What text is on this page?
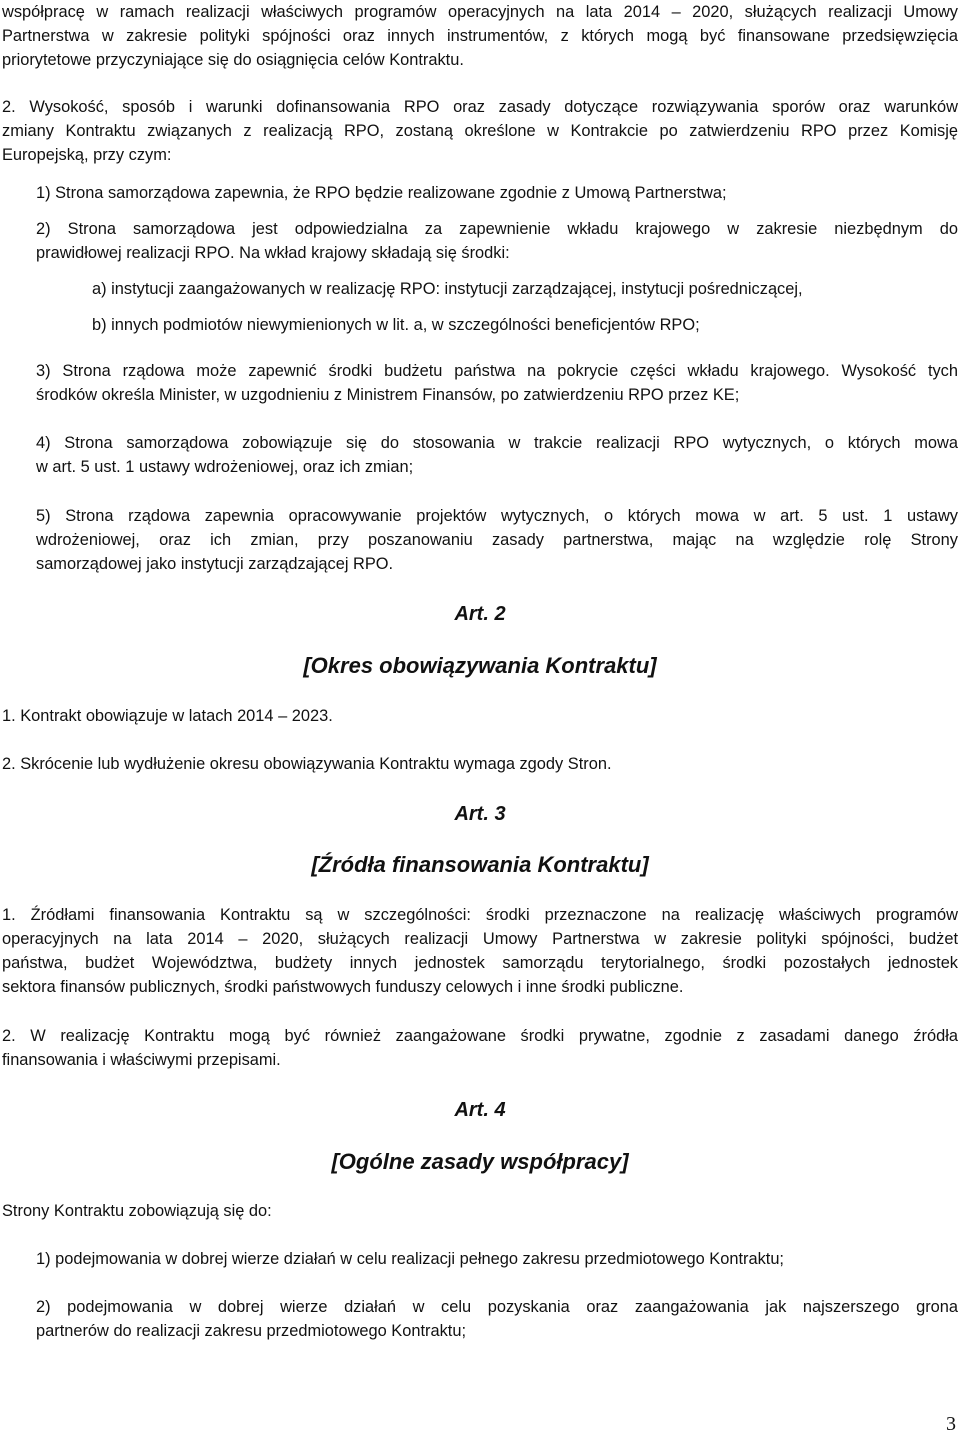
współpracę w ramach realizacji właściwych programów operacyjnych na lata 2014 – 2020, służących realizacji Umowy
Partnerstwa w zakresie polityki spójności oraz innych instrumentów, z których mogą być finansowane przedsięwzięcia
priorytetowe przyczyniające się do osiągnięcia celów Kontraktu.
2. Wysokość, sposób i warunki dofinansowania RPO oraz zasady dotyczące rozwiązywania sporów oraz warunków
zmiany Kontraktu związanych z realizacją RPO, zostaną określone w Kontrakcie po zatwierdzeniu RPO przez Komisję
Europejską, przy czym:
1) Strona samorządowa zapewnia, że RPO będzie realizowane zgodnie z Umową Partnerstwa;
2) Strona samorządowa jest odpowiedzialna za zapewnienie wkładu krajowego w zakresie niezbędnym do
prawidłowej realizacji RPO. Na wkład krajowy składają się środki:
a) instytucji zaangażowanych w realizację RPO: instytucji zarządzającej, instytucji pośredniczącej,
b) innych podmiotów niewymienionych w lit. a, w szczególności beneficjentów RPO;
3) Strona rządowa może zapewnić środki budżetu państwa na pokrycie części wkładu krajowego. Wysokość tych
środków określa Minister, w uzgodnieniu z Ministrem Finansów, po zatwierdzeniu RPO przez KE;
4) Strona samorządowa zobowiązuje się do stosowania w trakcie realizacji RPO wytycznych, o których mowa
w art. 5 ust. 1 ustawy wdrożeniowej, oraz ich zmian;
5) Strona rządowa zapewnia opracowywanie projektów wytycznych, o których mowa w art. 5 ust. 1 ustawy
wdrożeniowej, oraz ich zmian, przy poszanowaniu zasady partnerstwa, mając na względzie rolę Strony
samorządowej jako instytucji zarządzającej RPO.
Art. 2
[Okres obowiązywania Kontraktu]
1. Kontrakt obowiązuje w latach 2014 – 2023.
2. Skrócenie lub wydłużenie okresu obowiązywania Kontraktu wymaga zgody Stron.
Art. 3
[Źródła finansowania Kontraktu]
1. Źródłami finansowania Kontraktu są w szczególności: środki przeznaczone na realizację właściwych programów
operacyjnych na lata 2014 – 2020, służących realizacji Umowy Partnerstwa w zakresie polityki spójności, budżet
państwa, budżet Województwa, budżety innych jednostek samorządu terytorialnego, środki pozostałych jednostek
sektora finansów publicznych, środki państwowych funduszy celowych i inne środki publiczne.
2. W realizację Kontraktu mogą być również zaangażowane środki prywatne, zgodnie z zasadami danego źródła
finansowania i właściwymi przepisami.
Art. 4
[Ogólne zasady współpracy]
Strony Kontraktu zobowiązują się do:
1) podejmowania w dobrej wierze działań w celu realizacji pełnego zakresu przedmiotowego Kontraktu;
2) podejmowania w dobrej wierze działań w celu pozyskania oraz zaangażowania jak najszerszego grona
partnerów do realizacji zakresu przedmiotowego Kontraktu;
3
